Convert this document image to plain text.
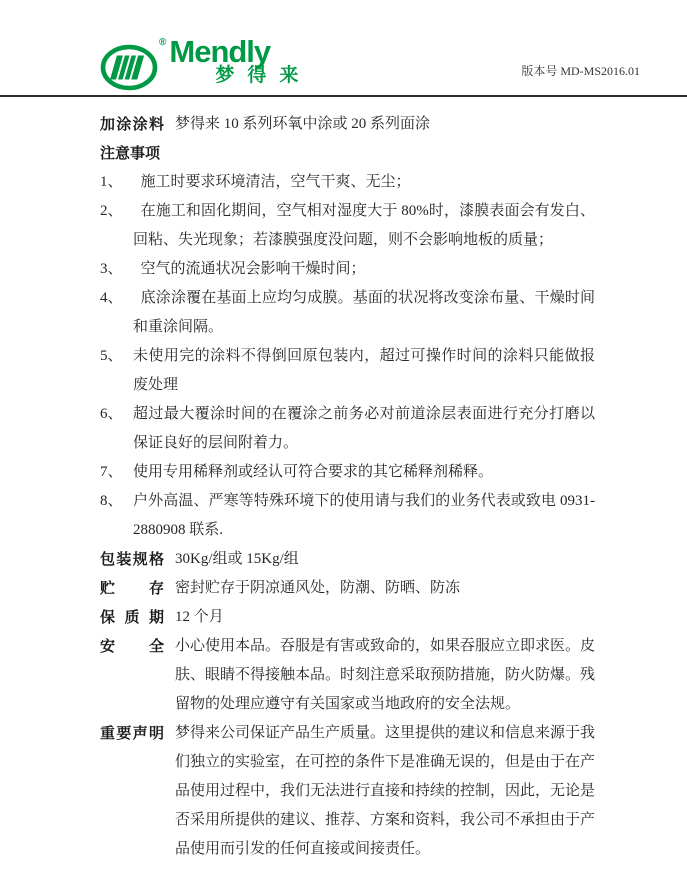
® Mendly
梦得来	版本号 MD-MS2016.01
加涂涂料 梦得来 10 系列环氧中涂或 20 系列面涂
注意事项
1、  施工时要求环境清洁，空气干爽、无尘；
2、  在施工和固化期间，空气相对湿度大于 80%时，漆膜表面会有发白、回粘、失光现象；若漆膜强度没问题，则不会影响地板的质量；
3、  空气的流通状况会影响干燥时间；
4、  底涂涂覆在基面上应均匀成膜。基面的状况将改变涂布量、干燥时间和重涂间隔。
5、 未使用完的涂料不得倒回原包装内，超过可操作时间的涂料只能做报废处理
6、 超过最大覆涂时间的在覆涂之前务必对前道涂层表面进行充分打磨以保证良好的层间附着力。
7、 使用专用稀释剂或经认可符合要求的其它稀释剂稀释。
8、 户外高温、严寒等特殊环境下的使用请与我们的业务代表或致电 0931-2880908 联系.
包装规格 30Kg/组或 15Kg/组
贮存 密封贮存于阴凉通风处，防潮、防晒、防冻
保质期 12 个月
安全 小心使用本品。吞服是有害或致命的，如果吞服应立即求医。皮肤、眼睛不得接触本品。时刻注意采取预防措施，防火防爆。残留物的处理应遵守有关国家或当地政府的安全法规。
重要声明 梦得来公司保证产品生产质量。这里提供的建议和信息来源于我们独立的实验室，在可控的条件下是准确无误的，但是由于在产品使用过程中，我们无法进行直接和持续的控制，因此，无论是否采用所提供的建议、推荐、方案和资料，我公司不承担由于产品使用而引发的任何直接或间接责任。
